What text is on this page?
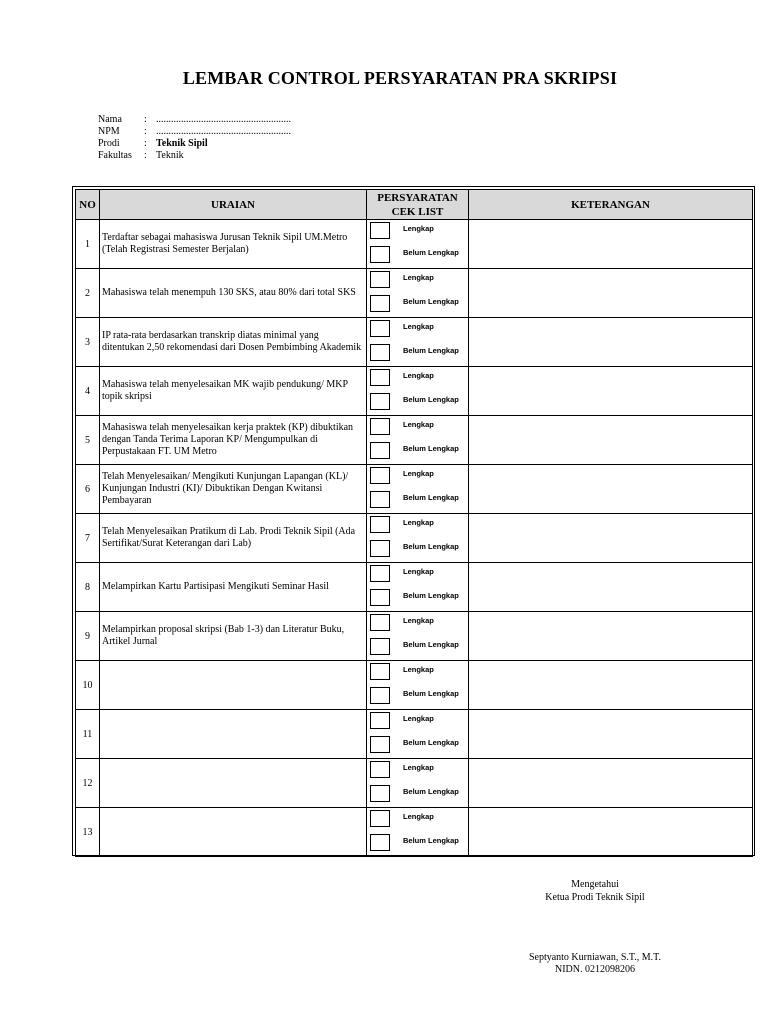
LEMBAR CONTROL PERSYARATAN PRA SKRIPSI
Nama	: ......................................................
NPM	: ......................................................
Prodi	: Teknik Sipil
Fakultas	: Teknik
NO	URAIAN	PERSYARATAN
CEK LIST	KETERANGAN
1	Terdaftar sebagai mahasiswa Jurusan Teknik Sipil UM.Metro (Telah Registrasi Semester Berjalan)	Lengkap
Belum Lengkap	

2	Mahasiswa telah menempuh 130 SKS, atau 80% dari total SKS	Lengkap
Belum Lengkap	

3	IP rata-rata berdasarkan transkrip diatas minimal yang ditentukan 2,50 rekomendasi dari Dosen Pembimbing Akademik	Lengkap
Belum Lengkap	

4	Mahasiswa telah menyelesaikan MK wajib pendukung/ MKP topik skripsi	Lengkap
Belum Lengkap	

5	Mahasiswa telah menyelesaikan kerja praktek (KP) dibuktikan dengan Tanda Terima Laporan KP/ Mengumpulkan di Perpustakaan FT. UM Metro	Lengkap
Belum Lengkap	

6	Telah Menyelesaikan/ Mengikuti Kunjungan Lapangan (KL)/ Kunjungan Industri (KI)/ Dibuktikan Dengan Kwitansi Pembayaran	Lengkap
Belum Lengkap	

7	Telah Menyelesaikan Pratikum di Lab. Prodi Teknik Sipil (Ada Sertifikat/Surat Keterangan dari Lab)	Lengkap
Belum Lengkap	

8	Melampirkan Kartu Partisipasi Mengikuti Seminar Hasil	Lengkap
Belum Lengkap	

9	Melampirkan proposal skripsi (Bab 1-3) dan Literatur Buku, Artikel Jurnal	Lengkap
Belum Lengkap	

10		Lengkap
Belum Lengkap	

11		Lengkap
Belum Lengkap	

12		Lengkap
Belum Lengkap	

13		Lengkap
Belum Lengkap	

Mengetahui
Ketua Prodi Teknik Sipil
Septyanto Kurniawan, S.T., M.T.
NIDN. 0212098206
